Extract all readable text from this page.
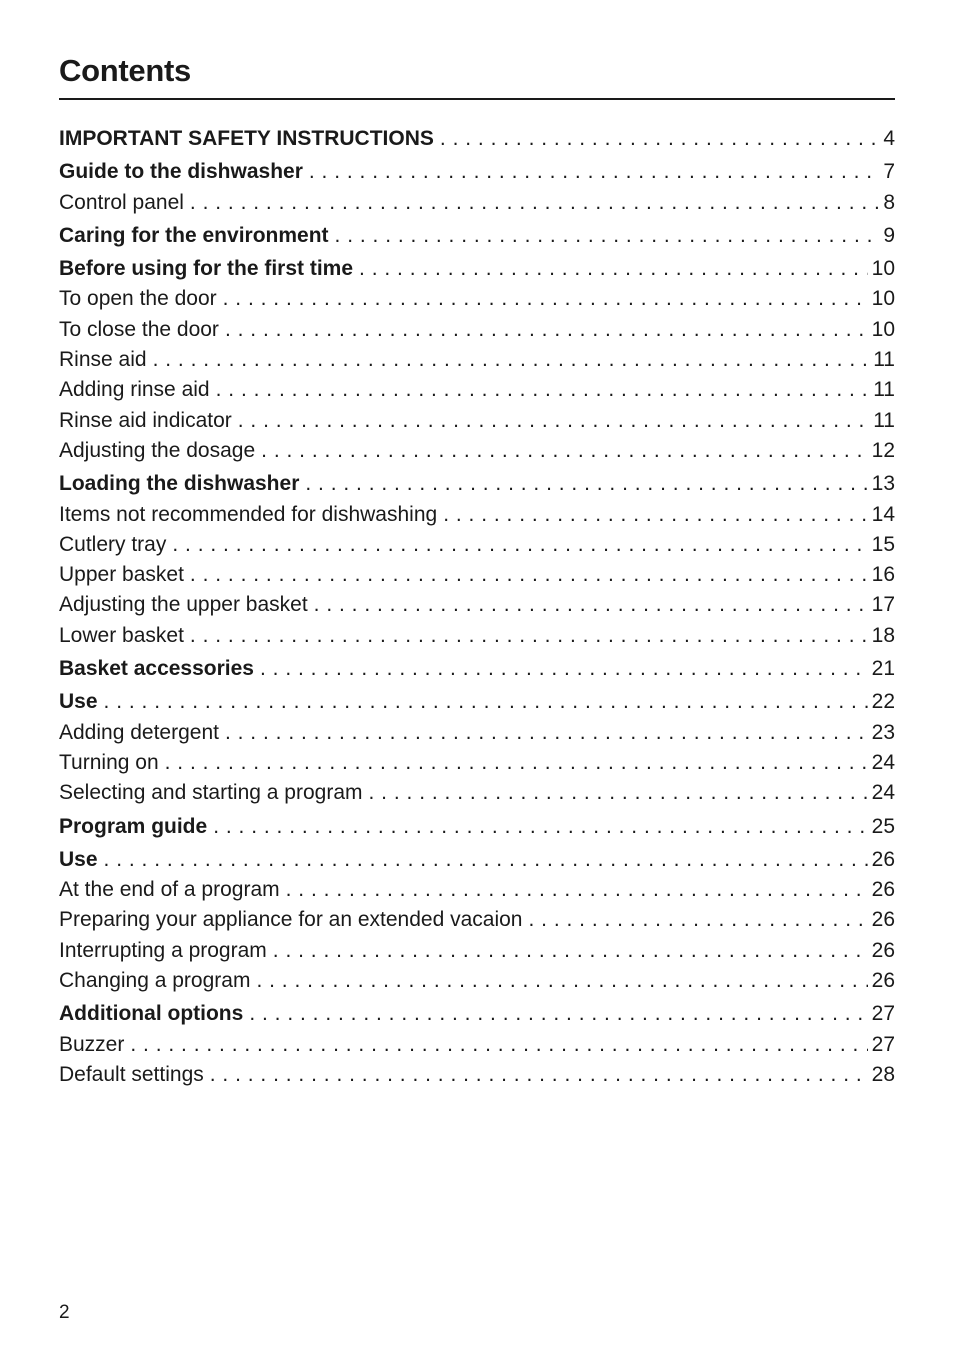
Contents
IMPORTANT SAFETY INSTRUCTIONS . . .	4
Guide to the dishwasher . . .	7
Control panel . . .	8
Caring for the environment . . .	9
Before using for the first time . . .	10
To open the door . . .	10
To close the door . . .	10
Rinse aid . . .	11
Adding rinse aid . . .	11
Rinse aid indicator . . .	11
Adjusting the dosage . . .	12
Loading the dishwasher . . .	13
Items not recommended for dishwashing . . .	14
Cutlery tray . . .	15
Upper basket . . .	16
Adjusting the upper basket . . .	17
Lower basket . . .	18
Basket accessories . . .	21
Use . . .	22
Adding detergent . . .	23
Turning on . . .	24
Selecting and starting a program . . .	24
Program guide . . .	25
Use . . .	26
At the end of a program . . .	26
Preparing your appliance for an extended vacaion . . .	26
Interrupting a program . . .	26
Changing a program . . .	26
Additional options . . .	27
Buzzer . . .	27
Default settings . . .	28
2
